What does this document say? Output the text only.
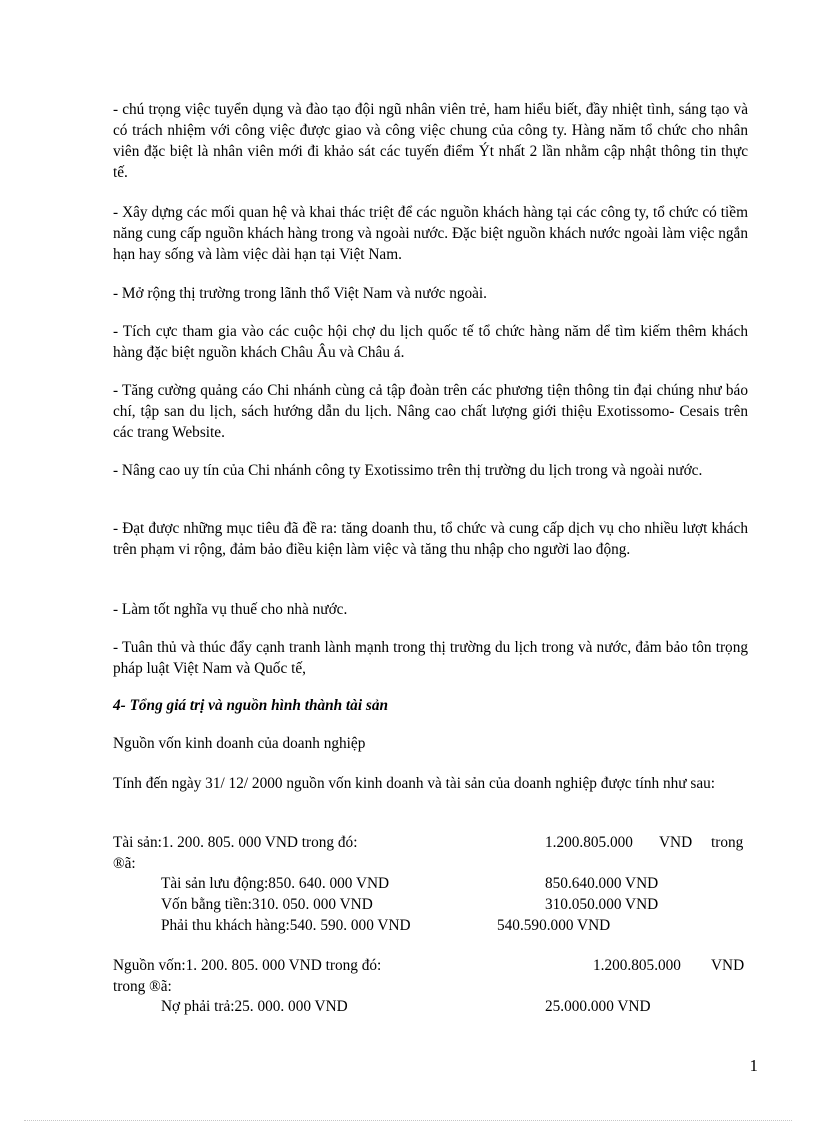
- chú trọng việc tuyển dụng và đào tạo đội ngũ nhân viên trẻ, ham hiểu biết, đầy nhiệt tình, sáng tạo và có trách nhiệm với công việc được giao và công việc chung của công ty. Hàng năm tổ chức cho nhân viên đặc biệt là nhân viên mới đi khảo sát các tuyến điểm Ýt nhất 2 lần nhằm cập nhật thông tin thực tế.

- Xây dựng các mối quan hệ và khai thác triệt để các nguồn khách hàng tại các công ty, tổ chức có tiềm năng cung cấp nguồn khách hàng trong và ngoài nước. Đặc biệt nguồn khách nước ngoài làm việc ngắn hạn hay sống và làm việc dài hạn tại Việt Nam.

- Mở rộng thị trường trong lãnh thổ Việt Nam và nước ngoài.

- Tích cực tham gia vào các cuộc hội chợ du lịch quốc tế tổ chức hàng năm dể tìm kiếm thêm khách hàng đặc biệt nguồn khách Châu Âu và Châu á.

- Tăng cường quảng cáo Chi nhánh cùng cả tập đoàn trên các phương tiện thông tin đại chúng như báo chí, tập san du lịch, sách hướng dẫn du lịch. Nâng cao chất lượng giới thiệu Exotissomo- Cesais trên các trang Website.

- Nâng cao uy tín của Chi nhánh công ty Exotissimo trên thị trường du lịch trong và ngoài nước.

- Đạt được những mục tiêu đã đề ra: tăng doanh thu, tổ chức và cung cấp dịch vụ cho nhiều lượt khách trên phạm vi rộng, đảm bảo điều kiện làm việc và tăng thu nhập cho người lao động.

- Làm tốt nghĩa vụ thuế cho nhà nước.

- Tuân thủ và thúc đẩy cạnh tranh lành mạnh trong thị trường du lịch trong và nước, đảm bảo tôn trọng pháp luật Việt Nam và Quốc tế,

4- Tổng giá trị và nguồn hình thành tài sản

Nguồn vốn kinh doanh của doanh nghiệp

Tính đến ngày 31/ 12/ 2000 nguồn vốn kinh doanh và tài sản của doanh nghiệp được tính như sau:

Tài sản:1. 200. 805. 000 VND trong đó:	1.200.805.000 VND trong
®ã:
Tài sản lưu động:850. 640. 000 VND	850.640.000 VND
Vốn bằng tiền:310. 050. 000 VND	310.050.000 VND
Phải thu khách hàng:540. 590. 000 VND	540.590.000 VND
Nguồn vốn:1. 200. 805. 000 VND trong đó:	1.200.805.000 VND
trong ®ã:
Nợ phải trả:25. 000. 000 VND	25.000.000 VND
1
